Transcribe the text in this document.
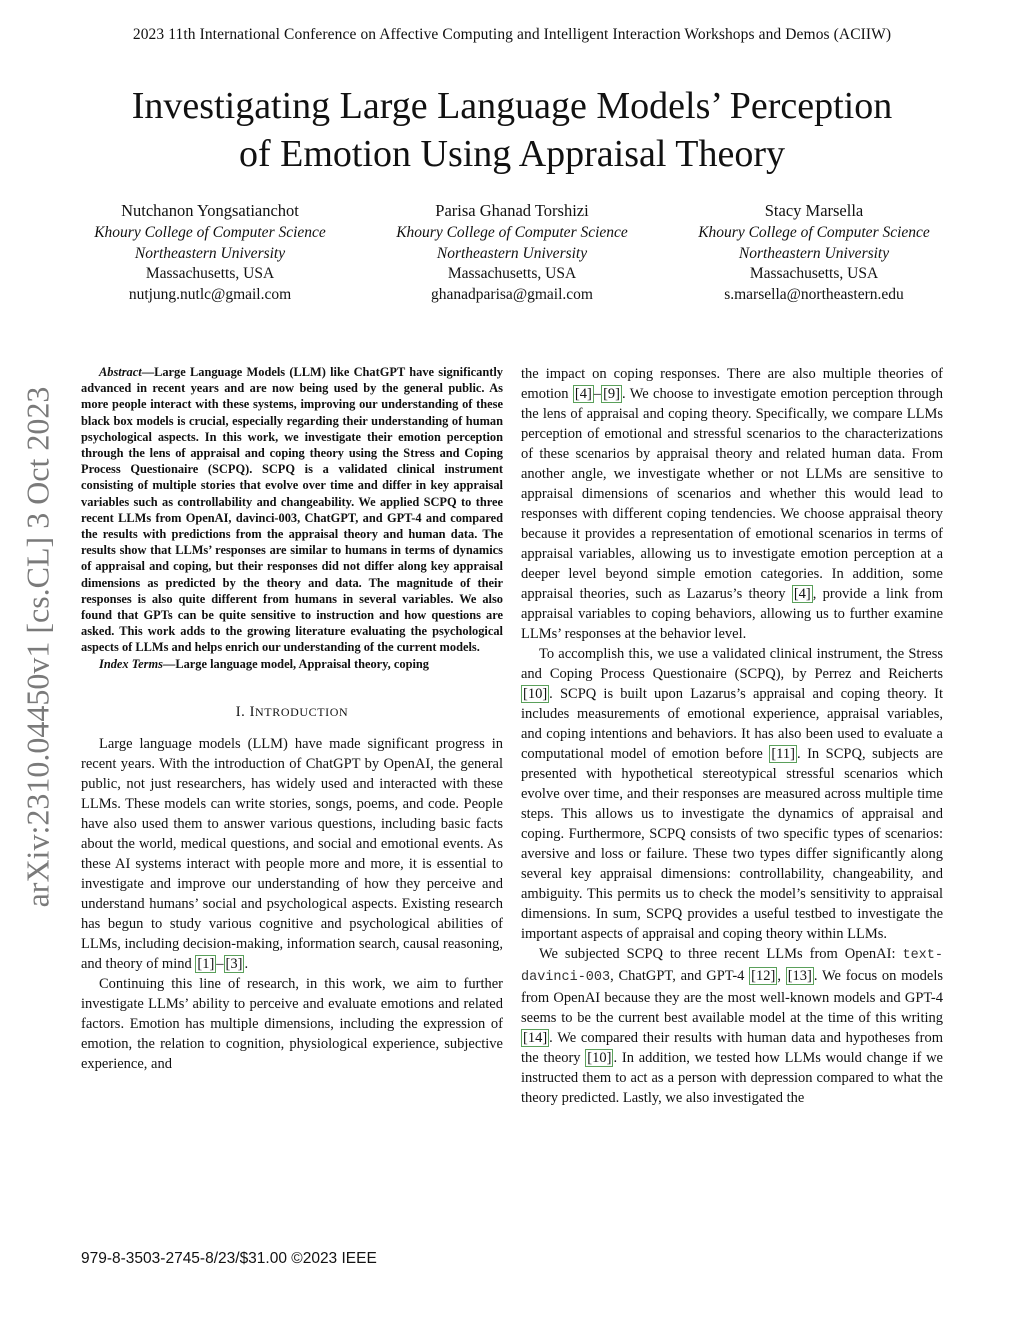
2023 11th International Conference on Affective Computing and Intelligent Interaction Workshops and Demos (ACIIW)
Investigating Large Language Models’ Perception
of Emotion Using Appraisal Theory
Nutchanon Yongsatianchot
Khoury College of Computer Science
Northeastern University
Massachusetts, USA
nutjung.nutlc@gmail.com
Parisa Ghanad Torshizi
Khoury College of Computer Science
Northeastern University
Massachusetts, USA
ghanadparisa@gmail.com
Stacy Marsella
Khoury College of Computer Science
Northeastern University
Massachusetts, USA
s.marsella@northeastern.edu
arXiv:2310.04450v1 [cs.CL] 3 Oct 2023

Abstract—Large Language Models (LLM) like ChatGPT have significantly advanced in recent years and are now being used by the general public. As more people interact with these systems, improving our understanding of these black box models is crucial, especially regarding their understanding of human psychological aspects. In this work, we investigate their emotion perception through the lens of appraisal and coping theory using the Stress and Coping Process Questionaire (SCPQ). SCPQ is a validated clinical instrument consisting of multiple stories that evolve over time and differ in key appraisal variables such as controllability and changeability. We applied SCPQ to three recent LLMs from OpenAI, davinci-003, ChatGPT, and GPT-4 and compared the results with predictions from the appraisal theory and human data. The results show that LLMs’ responses are similar to humans in terms of dynamics of appraisal and coping, but their responses did not differ along key appraisal dimensions as predicted by the theory and data. The magnitude of their responses is also quite different from humans in several variables. We also found that GPTs can be quite sensitive to instruction and how questions are asked. This work adds to the growing literature evaluating the psychological aspects of LLMs and helps enrich our understanding of the current models.

Index Terms—Large language model, Appraisal theory, coping

I. INTRODUCTION

Large language models (LLM) have made significant progress in recent years. With the introduction of ChatGPT by OpenAI, the general public, not just researchers, has widely used and interacted with these LLMs. These models can write stories, songs, poems, and code. People have also used them to answer various questions, including basic facts about the world, medical questions, and social and emotional events. As these AI systems interact with people more and more, it is essential to investigate and improve our understanding of how they perceive and understand humans’ social and psychological aspects. Existing research has begun to study various cognitive and psychological abilities of LLMs, including decision-making, information search, causal reasoning, and theory of mind [1] – [3] .

Continuing this line of research, in this work, we aim to further investigate LLMs’ ability to perceive and evaluate emotions and related factors. Emotion has multiple dimensions, including the expression of emotion, the relation to cognition, physiological experience, subjective experience, and

the impact on coping responses. There are also multiple theories of emotion [4] – [9] . We choose to investigate emotion perception through the lens of appraisal and coping theory. Specifically, we compare LLMs perception of emotional and stressful scenarios to the characterizations of these scenarios by appraisal theory and related human data. From another angle, we investigate whether or not LLMs are sensitive to appraisal dimensions of scenarios and whether this would lead to responses with different coping tendencies. We choose appraisal theory because it provides a representation of emotional scenarios in terms of appraisal variables, allowing us to investigate emotion perception at a deeper level beyond simple emotion categories. In addition, some appraisal theories, such as Lazarus’s theory [4] , provide a link from appraisal variables to coping behaviors, allowing us to further examine LLMs’ responses at the behavior level.

To accomplish this, we use a validated clinical instrument, the Stress and Coping Process Questionaire (SCPQ), by Perrez and Reicherts [10] . SCPQ is built upon Lazarus’s appraisal and coping theory. It includes measurements of emotional experience, appraisal variables, and coping intentions and behaviors. It has also been used to evaluate a computational model of emotion before [11] . In SCPQ, subjects are presented with hypothetical stereotypical stressful scenarios which evolve over time, and their responses are measured across multiple time steps. This allows us to investigate the dynamics of appraisal and coping. Furthermore, SCPQ consists of two specific types of scenarios: aversive and loss or failure. These two types differ significantly along several key appraisal dimensions: controllability, changeability, and ambiguity. This permits us to check the model’s sensitivity to appraisal dimensions. In sum, SCPQ provides a useful testbed to investigate the important aspects of appraisal and coping theory within LLMs.

We subjected SCPQ to three recent LLMs from OpenAI: text-davinci-003, ChatGPT, and GPT-4 [12] , [13] . We focus on models from OpenAI because they are the most well-known models and GPT-4 seems to be the current best available model at the time of this writing [14] . We compared their results with human data and hypotheses from the theory [10] . In addition, we tested how LLMs would change if we instructed them to act as a person with depression compared to what the theory predicted. Lastly, we also investigated the

979-8-3503-2745-8/23/$31.00 ©2023 IEEE
